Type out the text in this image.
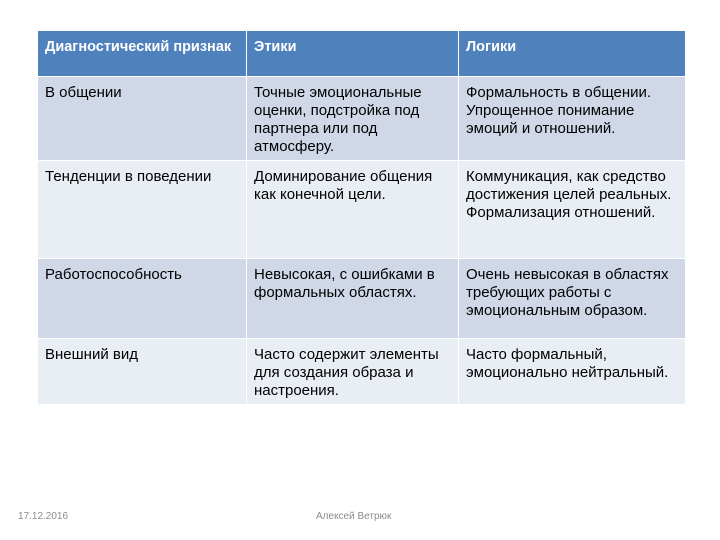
Диагностический признак	Этики	Логики
В общении	Точные эмоциональные оценки, подстройка под партнера или под атмосферу.	Формальность в общении. Упрощенное понимание эмоций и отношений.
Тенденции в поведении	Доминирование общения как конечной цели.	Коммуникация, как средство достижения целей реальных. Формализация отношений.
Работоспособность	Невысокая, с ошибками в формальных областях.	Очень невысокая в областях требующих работы с эмоциональным образом.
Внешний вид	Часто содержит элементы для создания образа и настроения.	Часто формальный, эмоционально нейтральный.
17.12.2016	Алексей Ветрюк
